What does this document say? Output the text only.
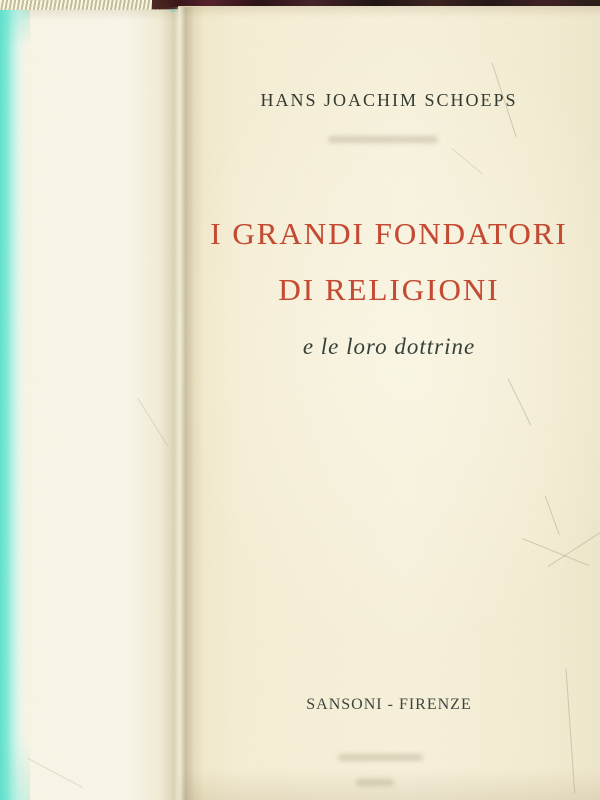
HANS JOACHIM SCHOEPS
I GRANDI FONDATORI
DI RELIGIONI
e le loro dottrine
SANSONI - FIRENZE
